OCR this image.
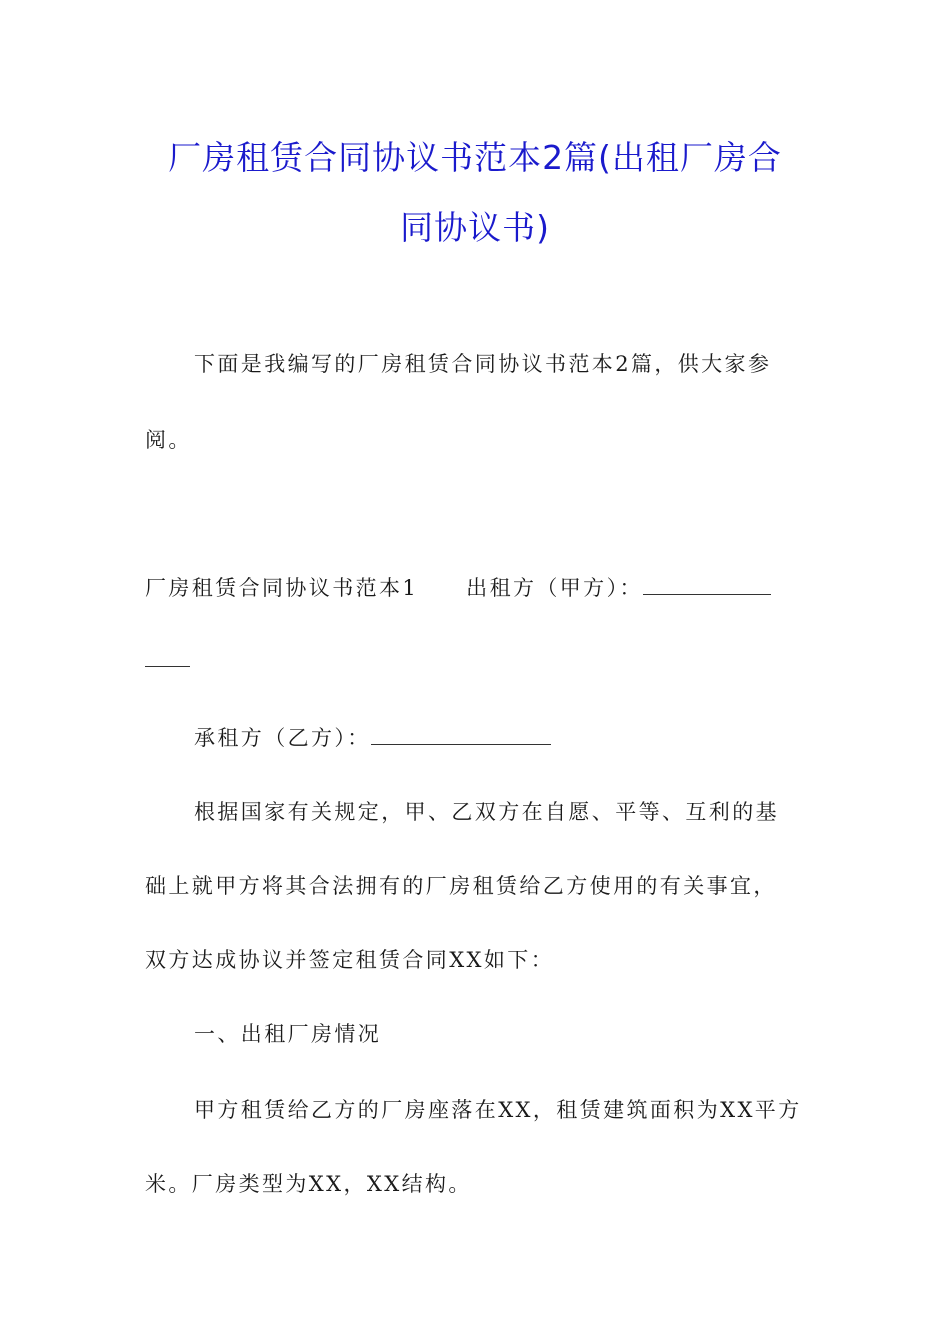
厂房租赁合同协议书范本2篇(出租厂房合
同协议书)

下面是我编写的厂房租赁合同协议书范本2篇，供大家参

阅。

厂房租赁合同协议书范本1 出租方（甲方）：

承租方（乙方）：

根据国家有关规定，甲、乙双方在自愿、平等、互利的基

础上就甲方将其合法拥有的厂房租赁给乙方使用的有关事宜，

双方达成协议并签定租赁合同XX如下：

一、出租厂房情况

甲方租赁给乙方的厂房座落在XX，租赁建筑面积为XX平方

米。厂房类型为XX，XX结构。
